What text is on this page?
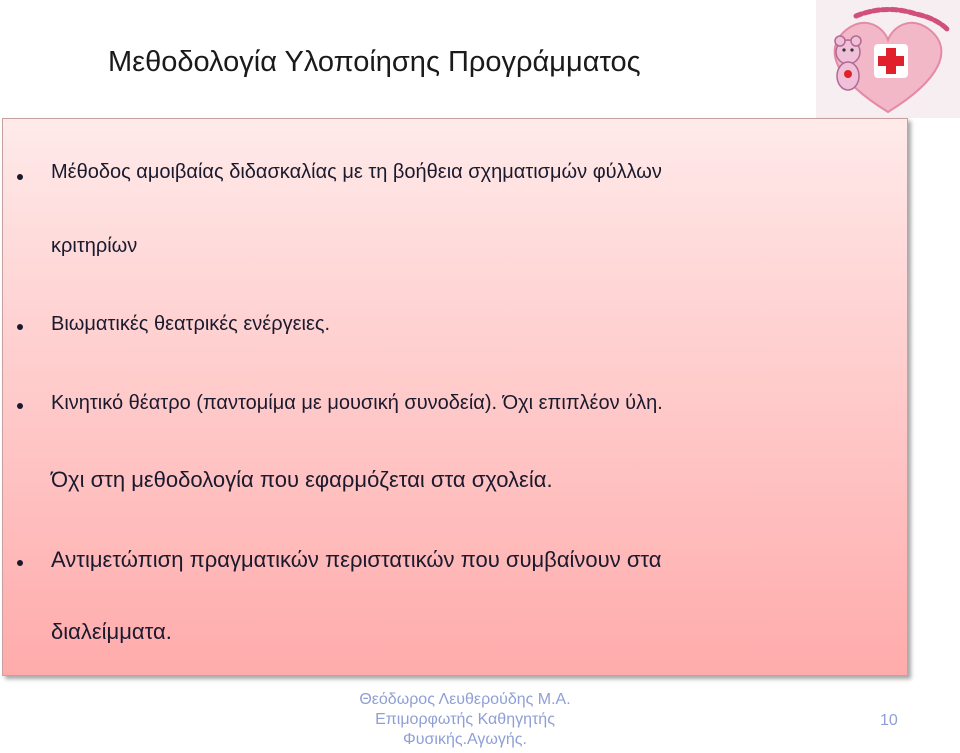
Μεθοδολογία Υλοποίησης Προγράμματος
Μέθοδος αμοιβαίας διδασκαλίας με τη βοήθεια σχηματισμών φύλλων
κριτηρίων
Βιωματικές θεατρικές ενέργειες.
Κινητικό θέατρο (παντομίμα με μουσική συνοδεία). Όχι επιπλέον ύλη.
Όχι στη μεθοδολογία που εφαρμόζεται στα σχολεία.
Αντιμετώπιση πραγματικών περιστατικών που συμβαίνουν στα
διαλείμματα.
Θεόδωρος Λευθερούδης Μ.Α.
Επιμορφωτής Καθηγητής
Φυσικής.Αγωγής.
10
